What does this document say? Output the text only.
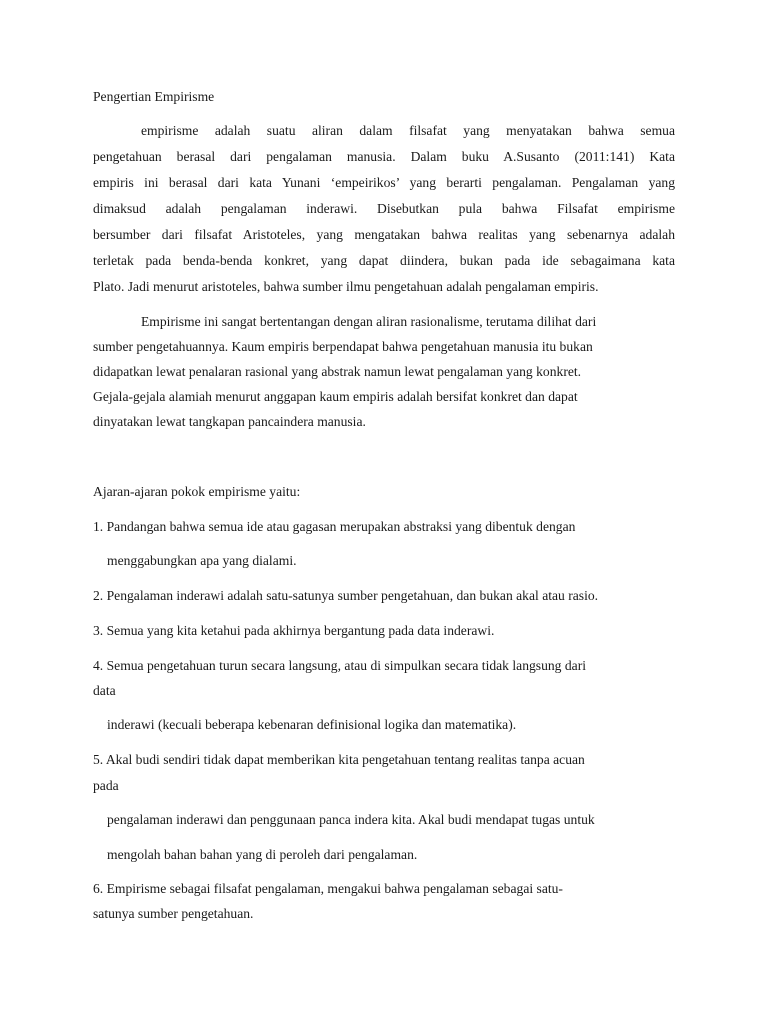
Pengertian Empirisme
empirisme adalah suatu aliran dalam filsafat yang menyatakan bahwa semua
pengetahuan berasal dari pengalaman manusia. Dalam buku A.Susanto (2011:141) Kata
empiris ini berasal dari kata Yunani ‘empeirikos’ yang berarti pengalaman. Pengalaman yang
dimaksud adalah pengalaman inderawi. Disebutkan pula bahwa Filsafat empirisme
bersumber dari filsafat Aristoteles, yang mengatakan bahwa realitas yang sebenarnya adalah
terletak pada benda-benda konkret, yang dapat diindera, bukan pada ide sebagaimana kata
Plato. Jadi menurut aristoteles, bahwa sumber ilmu pengetahuan adalah pengalaman empiris.
Empirisme ini sangat bertentangan dengan aliran rasionalisme, terutama dilihat dari
sumber pengetahuannya. Kaum empiris berpendapat bahwa pengetahuan manusia itu bukan
didapatkan lewat penalaran rasional yang abstrak namun lewat pengalaman yang konkret.
Gejala-gejala alamiah menurut anggapan kaum empiris adalah bersifat konkret dan dapat
dinyatakan lewat tangkapan pancaindera manusia.
Ajaran-ajaran pokok empirisme yaitu:
1. Pandangan bahwa semua ide atau gagasan merupakan abstraksi yang dibentuk dengan
menggabungkan apa yang dialami.
2. Pengalaman inderawi adalah satu-satunya sumber pengetahuan, dan bukan akal atau rasio.
3. Semua yang kita ketahui pada akhirnya bergantung pada data inderawi.
4. Semua pengetahuan turun secara langsung, atau di simpulkan secara tidak langsung dari
data
inderawi (kecuali beberapa kebenaran definisional logika dan matematika).
5. Akal budi sendiri tidak dapat memberikan kita pengetahuan tentang realitas tanpa acuan
pada
pengalaman inderawi dan penggunaan panca indera kita. Akal budi mendapat tugas untuk
mengolah bahan bahan yang di peroleh dari pengalaman.
6. Empirisme sebagai filsafat pengalaman, mengakui bahwa pengalaman sebagai satu-
satunya sumber pengetahuan.
